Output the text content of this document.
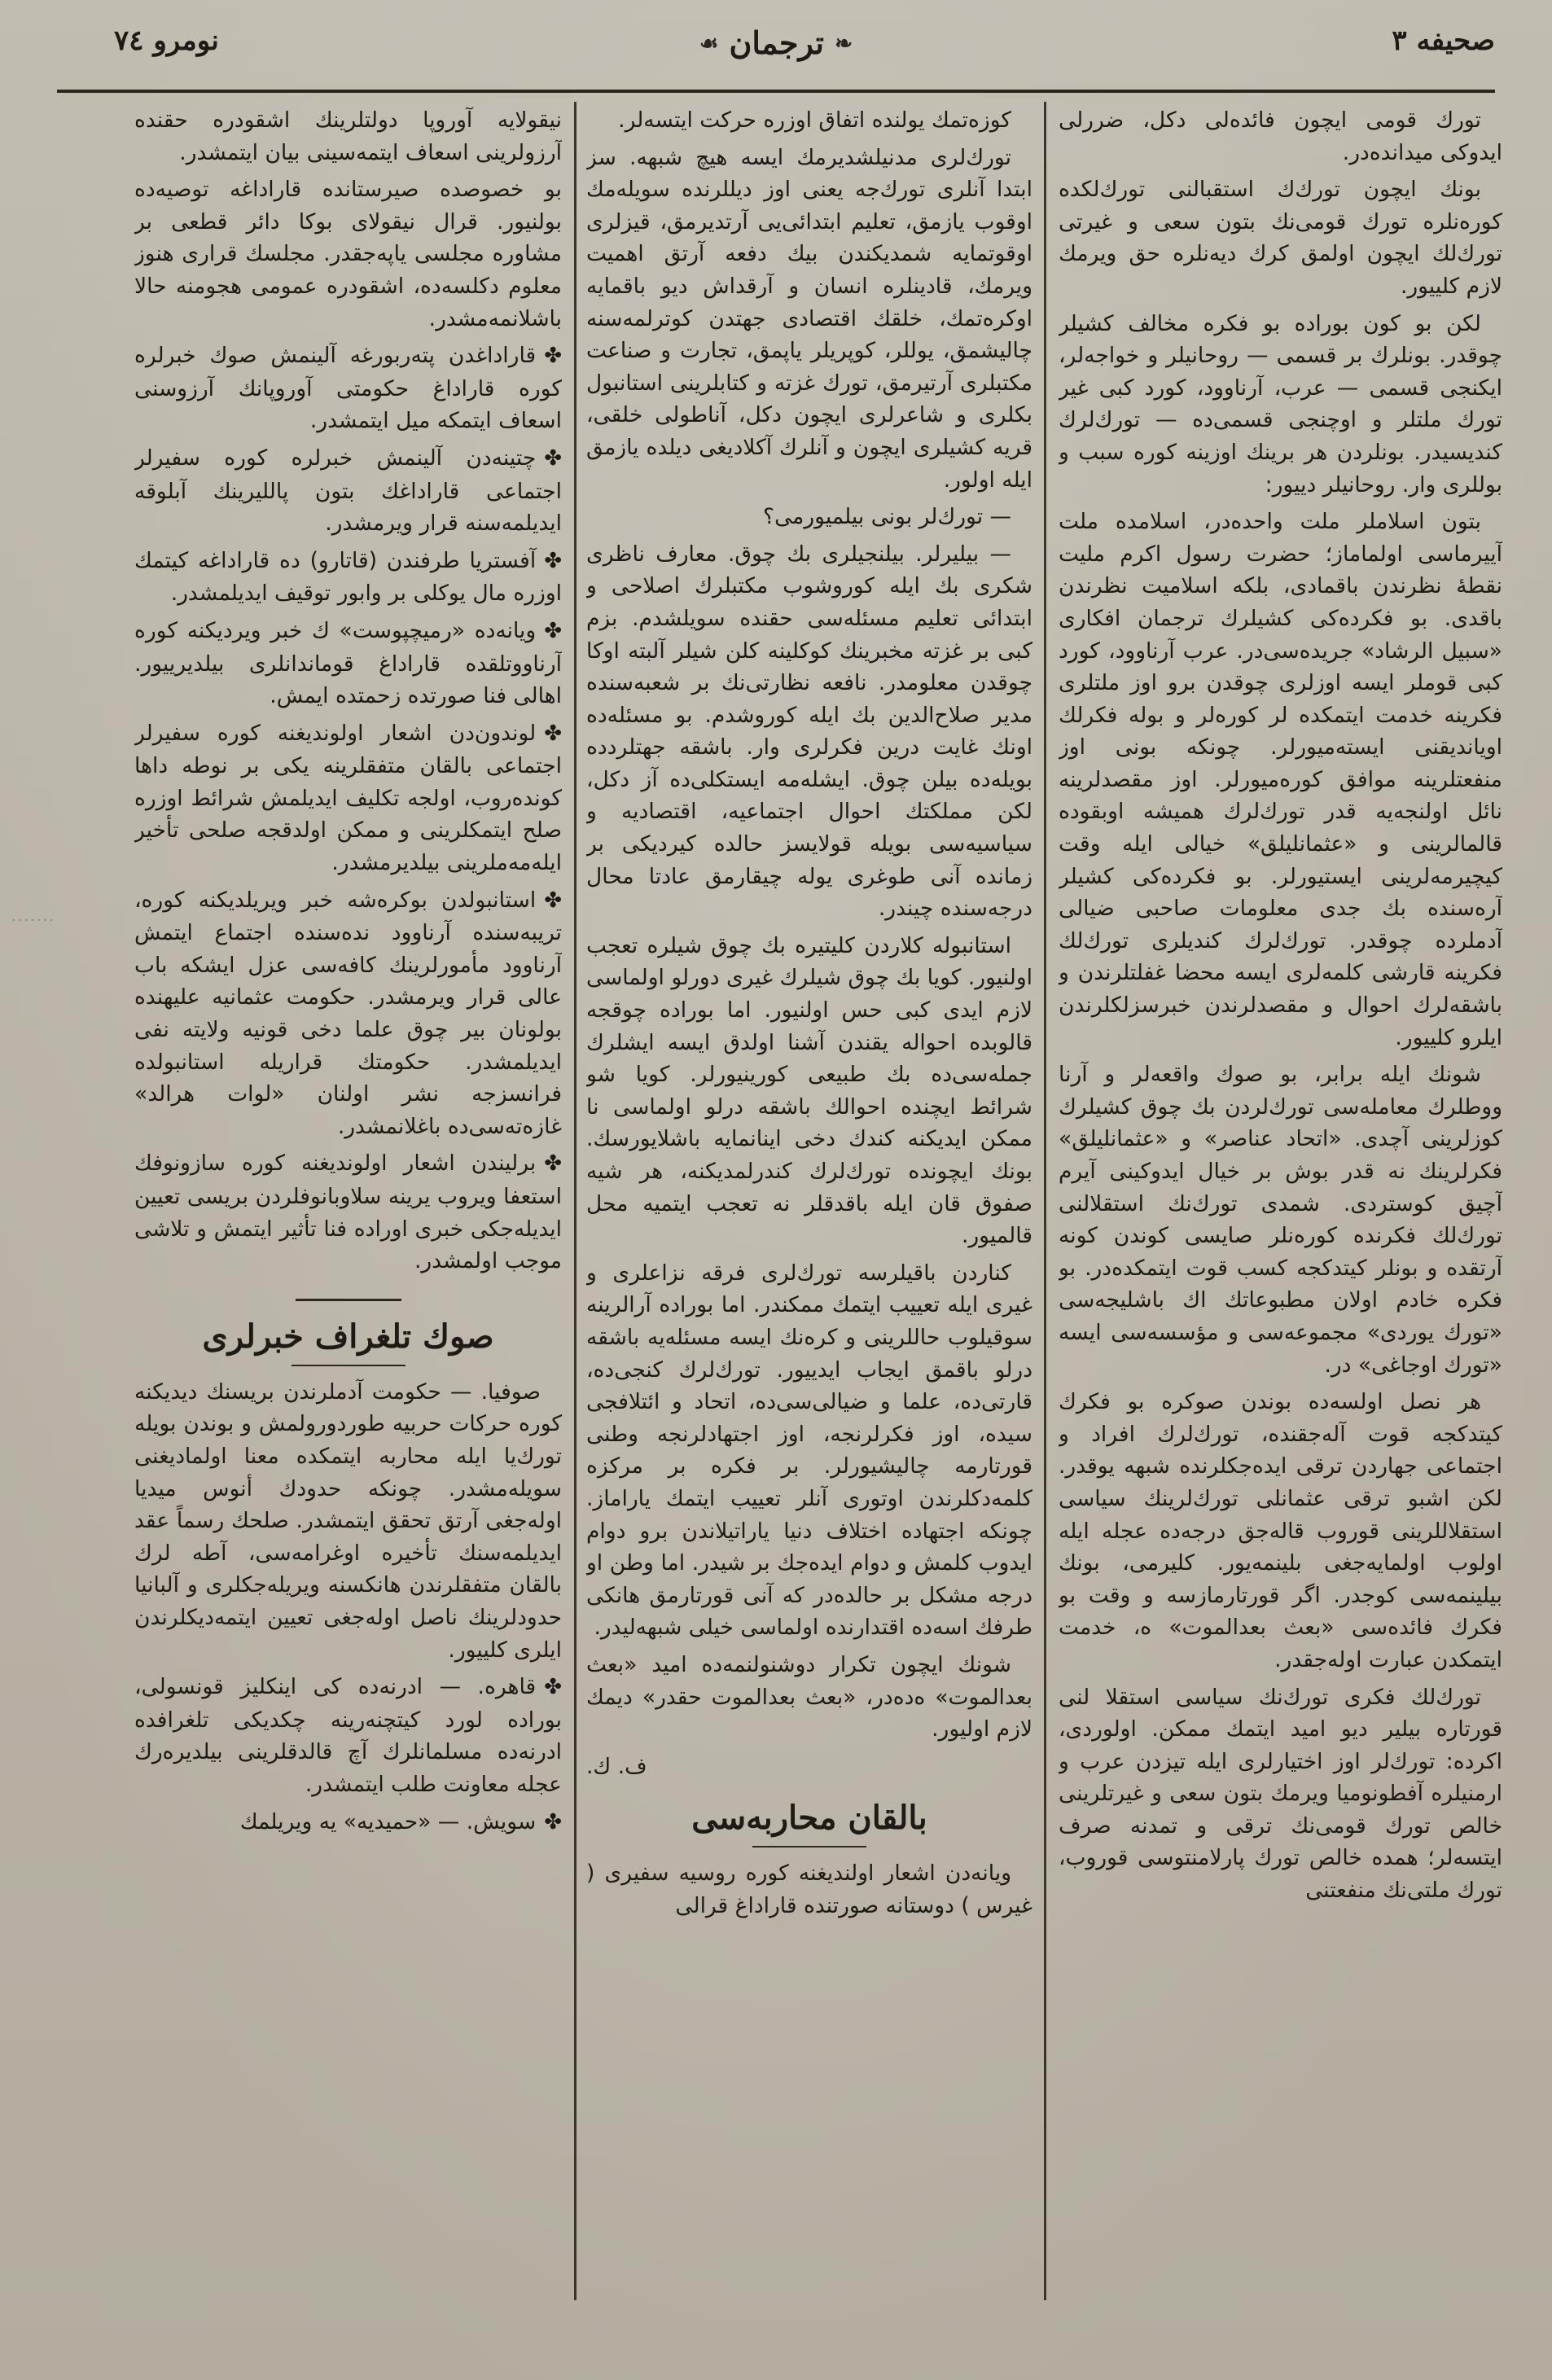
صحيفه ٣
❧ ترجمان ☙
نومرو ٧٤

تورك قومی ایچون فائده‌لی دكل، ضررلی ایدوكی میداندەدر.

بونك ایچون تورك‌ك استقبالنی تورك‌لكده كوره‌نلره تورك قومی‌نك بتون سعی و غیرتی تورك‌لك ایچون اولمق كرك دیەنلره حق ویرمك لازم كلیيور.

لكن بو كون بوراده بو فكره مخالف كشیلر چوقدر. بونلرك بر قسمی — روحانیلر و خواجەلر، ایكنجی قسمی — عرب، آرناوود، كورد كبی غیر تورك ملتلر و اوچنجی قسمی‌ده — تورك‌لرك كندیسیدر. بونلردن هر برینك اوزینه كوره سبب و بوللری وار. روحانیلر دییور:

بتون اسلاملر ملت واحده‌در، اسلامده ملت آییرماسی اولماماز؛ حضرت رسول اكرم ملیت نقطه‌ٔ نظرندن باقمادی، بلكه اسلامیت نظرندن باقدی. بو فكرده‌كی كشیلرك ترجمان افكاری «سبیل الرشاد» جریده‌سی‌در. عرب آرناوود، كورد كبی قوملر ایسه اوزلری چوقدن برو اوز ملتلری فكرینه خدمت ایتمكده‌ لر كوره‌لر و بوله فكرلك اویاندیقنی ایستەمیورلر. چونكه بونی اوز منفعتلرینه موافق كوره‌میورلر. اوز مقصدلرینه نائل اولنجه‌یه قدر تورك‌لرك همیشه اوبقوده قالمالرینی و «عثمانلیلق» خیالی ایله وقت كیچیرمەلرینی ایستیورلر. بو فكرده‌كی كشیلر آره‌سنده بك جدی معلومات صاحبی ضیالی آدملرده چوقدر. تورك‌لرك كندیلری تورك‌لك فكرینه قارشی كلمەلری ایسه محضا غفلتلرندن و باشقه‌لرك احوال و مقصدلرندن خبرسزلكلرندن ایلرو كلیيور.

شونك ایله برابر، بو صوك واقعەلر و آرنا ووطلرك معامله‌سی تورك‌لردن بك چوق كشیلرك كوزلرینی آچدی. «اتحاد عناصر» و «عثمانلیلق» فكرلرینك نه قدر بوش بر خیال ایدوكینی آیرم آچیق كوستردی. شمدی تورك‌نك استقلالنی تورك‌لك فكرنده كوره‌نلر صایسی كوندن كونه آرتقده و بونلر كیتدكجه كسب قوت ایتمكده‌در. بو فكره خادم اولان مطبوعاتك اك باشلیجه‌سی «تورك یوردی» مجموعه‌سی و مؤسسه‌سی ایسه «تورك اوجاغی» در.

هر نصل اولسه‌ده بوندن صوكره بو فكرك كیتدكجه قوت آلەجقنده، تورك‌لرك افراد و اجتماعی جهاردن ترقی ایدەجكلرنده شبهه یوقدر. لكن اشبو ترقی عثمانلی تورك‌لرینك سیاسی استقلاللرینی قوروب قالەجق درجه‌ده عجله ایله اولوب اولمایه‌جغی بلینمه‌یور. كلیرمی، بونك بیلینمه‌سی كوجدر. اگر قورتارمازسه و وقت بو فكرك فائده‌سی «بعث بعدالموت» ه، خدمت ایتمكدن عبارت اوله‌جقدر.

تورك‌لك فكری تورك‌نك سیاسی استقلا لنی قورتاره بیلیر دیو امید ایتمك ممكن. اولوردی، اكرده: تورك‌لر اوز اختیارلری ایله تیزدن عرب و ارمنیلره آفطونومیا ویرمك بتون سعی و غیرتلرینی خالص تورك قومی‌نك ترقی و تمدنه صرف ایتسەلر؛ همده خالص تورك پارلامنتوسی قوروب، تورك ملتی‌نك منفعتنی

كوزه‌تمك یولنده اتفاق اوزره حركت ایتسەلر.

تورك‌لری مدنیلشدیرمك ایسه هیچ شبهه. سز ابتدا آنلری تورك‌جه یعنی اوز دیللرنده سویله‌مك اوقوب یازمق، تعلیم ابتدائی‌یی آرتدیرمق، قیزلری اوقوتمایه شمدیكندن بیك دفعه آرتق اهمیت ویرمك، قادینلره انسان و آرقداش دیو باقمایه اوكرەتمك، خلقك اقتصادی جهتدن كوترلمه‌سنه چالیشمق، یوللر، كوپریلر یاپمق، تجارت و صناعت مكتبلری آرتیرمق، تورك غزته و كتابلرینی استانبول بكلری و شاعرلری ایچون دكل، آناطولی خلقی، قریه كشیلری ایچون و آنلرك آكلادیغی دیلده یازمق ایله اولور.

— تورك‌لر بونی بیلمیورمی؟

— بیلیرلر. بیلنجیلری بك چوق. معارف ناظری شكری بك ایله كوروشوب مكتبلرك اصلاحی و ابتدائی تعلیم مسئله‌سی حقنده سویلشدم. بزم كبی بر غزته مخبرینك كوكلینه كلن شیلر آلبته او‌كا چوقدن معلومدر. نافعه نظارتی‌نك بر شعبه‌سنده مدیر صلاح‌الدین بك ایله كوروشدم. بو مسئله‌ده اونك غایت درین فكرلری وار. باشقه جهتلردده بویله‌ده بیلن چوق. ایشلەمه ایستكلی‌ده آز دكل، لكن مملكتك احوال اجتماعیه، اقتصادیه و سیاسیه‌سی بویله قولایسز حالده كیردیكی بر زمانده آنی طوغری یوله چیقارمق عادتا محال درجه‌سنده چیندر.

استانبوله كلاردن كلیتیره بك چوق شیلره تعجب اولنیور. كویا بك چوق شیلرك غیری دورلو اولماسی لازم ایدی كبی حس اولنیور. اما بوراده چوقجه قالوبده احواله یقندن آشنا اولدق ایسه ایشلرك جمله‌سی‌ده بك طبیعی كورینیورلر. كویا شو شرائط ایچنده احوالك باشقه درلو اولماسی نا ممكن ایدیكنه كندك دخی اینانمایه باشلایورسك. بونك ایچونده تورك‌لرك كندرلمدیكنه، هر شیه صفوق قان ایله باقدقلر نه تعجب ایتمیه محل قالمیور.

كناردن باقیلرسه تورك‌لری فرقه نزاعلری و غیری ایله تعییب ایتمك ممكندر. اما بوراده آرالرینه سوقیلوب حاللرینی و كرەنك ایسه مسئله‌یه باشقه درلو باقمق ایجاب ایدییور. تورك‌لرك كنجی‌ده، قارتی‌ده، علما و ضیالی‌سی‌ده، اتحاد و ائتلافجی سیده، اوز فكرلرنجه، اوز اجتهادلرنجه وطنی قورتارمه چالیشیورلر. بر فكره بر مركزه كلمەدكلرندن اوتوری آنلر تعییب ایتمك یاراماز. چونكه اجتهاده اختلاف دنیا یاراتیلاندن برو دوام ایدوب كلمش و دوام ایدەجك بر شیدر. اما وطن او درجه مشكل بر حالده‌در كه آنی قورتارمق هانكی طرفك اسه‌ده اقتدارنده اولماسی خیلی شبهه‌لیدر.

شونك ایچون تكرار دوشنولنمه‌ده امید «بعث بعدالموت» ه‌ده‌در، «بعث بعدالموت حقدر» دیمك لازم اولیور.

ف. ك.
بالقان محاربه‌سی

ویانه‌دن اشعار اولندیغنه كوره روسیه سفیری ( غیرس ) دوستانه صورتنده قاراداغ قرالی

نیقولایه آوروپا دولتلرینك اشقودره حقنده آرزولرینی اسعاف ایتمه‌سینی بیان ایتمشدر.

بو خصوصده صیرستانده قاراداغه توصیه‌ده بولنیور. قرال نیقولای بوكا دائر قطعی بر مشاوره مجلسی یاپه‌جقدر. مجلسك قراری هنوز معلوم دكلسه‌ده، اشقودره عمومی هجومنه حالا باشلانمه‌مشدر.

✤قاراداغدن پتەربورغه آلینمش صوك خبرلره كوره قاراداغ حكومتی آوروپانك آرزوسنی اسعاف ایتمكه میل ایتمشدر.

✤چتینه‌دن آلینمش خبرلره كوره سفیرلر اجتماعی قاراداغك بتون پاللیرینك آبلوقه ایدیلمه‌سنه قرار ویرمشدر.

✤آفستریا طرفندن (قاتارو) ده قاراداغه كیتمك اوزره مال یوكلی بر وابور توقیف ایدیلمشدر.

✤ویانه‌ده «رمیچپوست» ك خبر ویردیكنه كوره آرناووتلقده قاراداغ قوماندانلری بیلدیرییور. اهالی فنا صورتده زحمتده ایمش.

✤لوندون‌دن اشعار اولوندیغنه كوره سفیرلر اجتماعی بالقان متفقلرینه یكی بر نوطه داها كوندەروب، اولجه تكلیف ایدیلمش شرائط اوزره صلح ایتمكلرینی و ممكن اولدقجه صلحی تأخیر ایلەمەملرینی بیلدیرمشدر.

✤استانبولدن بوكرەشه خبر ویریلدیكنه كوره، تریبه‌سنده آرناوود نده‌سنده اجتماع ایتمش آرناوود مأمورلرینك كافه‌سی عزل ایشكه باب عالی قرار ویرمشدر. حكومت عثمانیه علیهنده بولونان بیر چوق علما دخی قونیه ولایته نفی ایدیلمشدر. حكومتك قراریله استانبولده فرانسزجه نشر اولنان «لوات هرالد» غازه‌ته‌سی‌ده باغلانمشدر.

✤برلیندن اشعار اولوندیغنه كوره سازونوفك استعفا ویروب یرینه سلاوبانوفلردن بریسی تعیین ایدیلەجكی خبری اوراده فنا تأثیر ایتمش و تلاشی موجب اولمشدر.

صوك تلغراف خبرلری

صوفیا. — حكومت آدملرندن بریسنك دیدیكنه كوره حركات حربیه طوردورولمش و بوندن بویله تورك‌یا ایله محاربه ایتمكده معنا اولمادیغنی سویلەمشدر. چونكه حدودك أنوس میدیا اوله‌جغی آرتق تحقق ایتمشدر. صلحك رسماً عقد ایدیلمه‌سنك تأخیره اوغرامه‌سی، آطه لرك بالقان متفقلرندن هانكسنه ویریله‌جكلری و آلبانیا حدودلرینك ناصل اوله‌جغی تعیین ایتمەدیكلرندن ایلری كلیيور.

✤قاهره. — ادرنه‌ده كی اینكلیز قونسولی، بوراده لورد كیتچنەرینه چكدیكی تلغرافده ادرنه‌ده مسلمانلرك آچ قالدقلرینی بیلدیرەرك عجله معاونت طلب ایتمشدر.

✤سویش. — «حمیدیه» یه ویریلمك

·······
